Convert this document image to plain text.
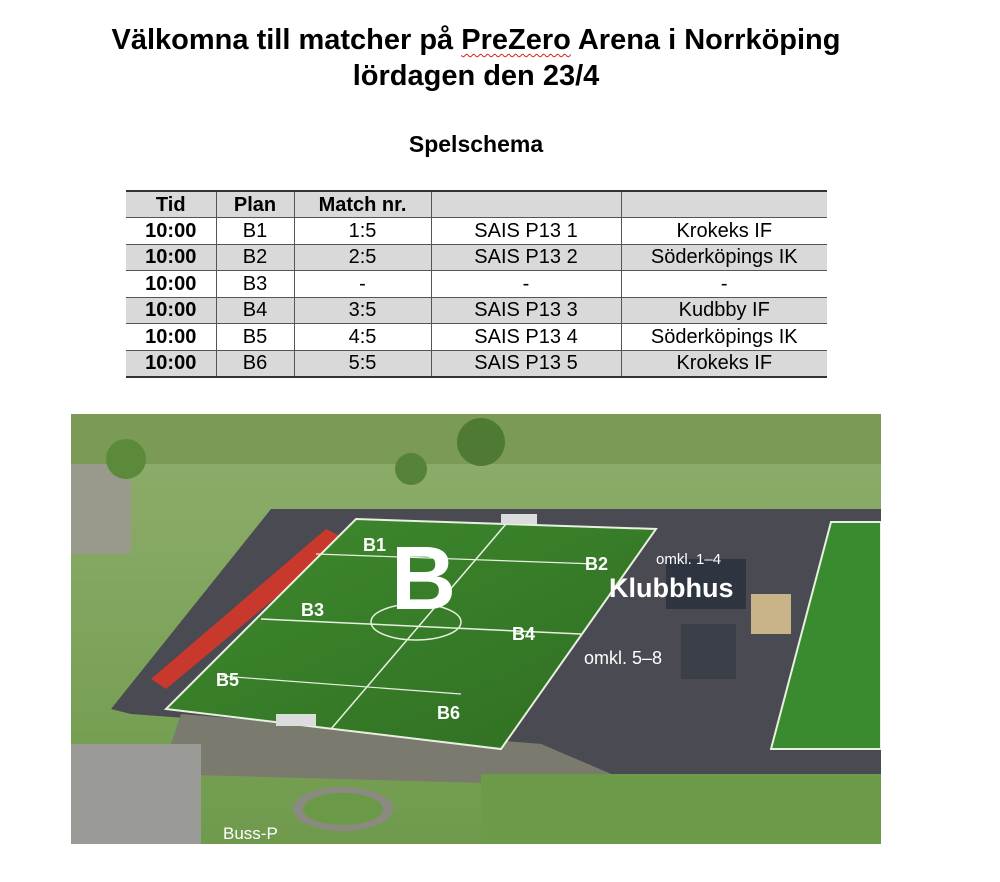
Välkomna till matcher på PreZero Arena i Norrköping
lördagen den 23/4
Spelschema
Tid	Plan	Match nr.		
10:00	B1	1:5	SAIS P13 1	Krokeks IF
10:00	B2	2:5	SAIS P13 2	Söderköpings IK
10:00	B3	-	-	-
10:00	B4	3:5	SAIS P13 3	Kudbby IF
10:00	B5	4:5	SAIS P13 4	Söderköpings IK
10:00	B6	5:5	SAIS P13 5	Krokeks IF
B
B1
B2
B3
B4
B5
B6
Klubbhus
omkl. 1–4
omkl. 5–8
Buss-P
